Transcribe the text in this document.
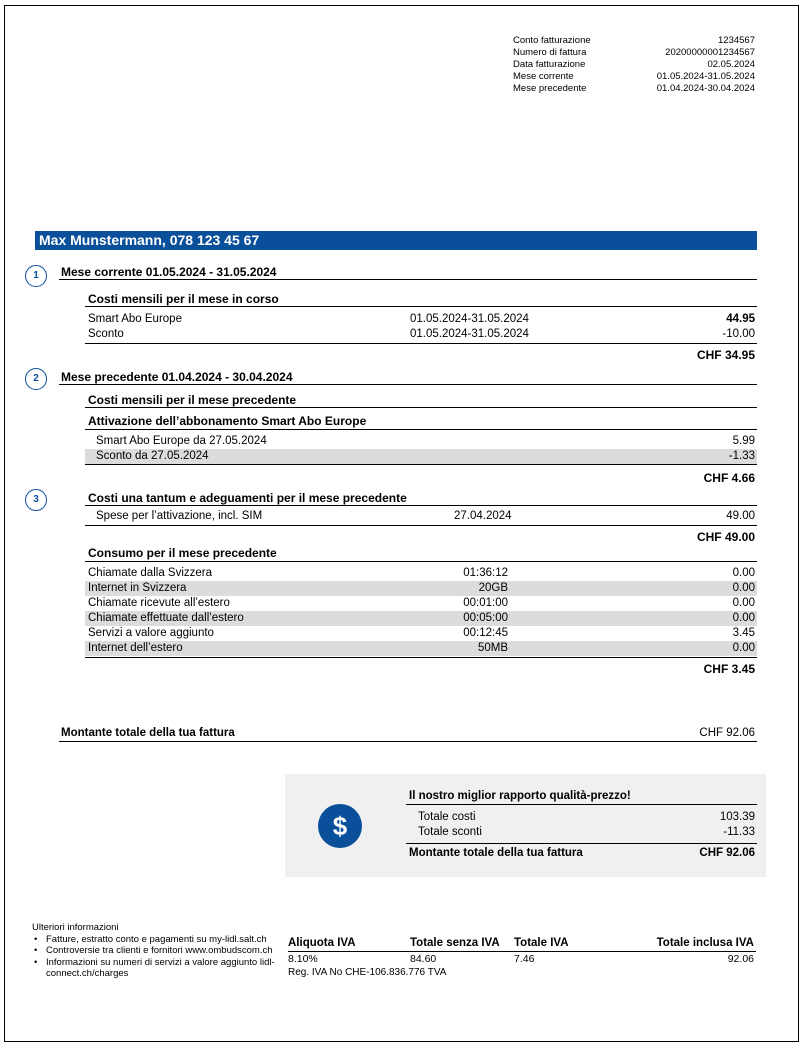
Conto fatturazione	1234567
Numero di fattura	20200000001234567
Data fatturazione	02.05.2024
Mese corrente	01.05.2024-31.05.2024
Mese precedente	01.04.2024-30.04.2024
Max Munstermann, 078 123 45 67
1	Mese corrente 01.05.2024 - 31.05.2024
Costi mensili per il mese in corso
Smart Abo Europe	01.05.2024-31.05.2024	44.95
Sconto	01.05.2024-31.05.2024	-10.00
CHF 34.95
2	Mese precedente 01.04.2024 - 30.04.2024
Costi mensili per il mese precedente
Attivazione dell’abbonamento Smart Abo Europe
Smart Abo Europe da 27.05.2024	5.99
Sconto da 27.05.2024	-1.33
CHF 4.66
3	Costi una tantum e adeguamenti per il mese precedente
Spese per l’attivazione, incl. SIM	27.04.2024	49.00
CHF 49.00
Consumo per il mese precedente
Chiamate dalla Svizzera	01:36:12	0.00
Internet in Svizzera	20GB	0.00
Chiamate ricevute all’estero	00:01:00	0.00
Chiamate effettuate dall’estero	00:05:00	0.00
Servizi a valore aggiunto	00:12:45	3.45
Internet dell’estero	50MB	0.00
CHF 3.45
Montante totale della tua fattura	CHF 92.06
$
Il nostro miglior rapporto qualità-prezzo!
Totale costi	103.39
Totale sconti	-11.33
Montante totale della tua fattura	CHF 92.06
Ulteriori informazioni
• Fatture, estratto conto e pagamenti su my-lidl.salt.ch
• Controversie tra clienti e fornitori www.ombudscom.ch
• Informazioni su numeri di servizi a valore aggiunto lidl-connect.ch/charges
Aliquota IVA	Totale senza IVA	Totale IVA	Totale inclusa IVA
8.10%	84.60	7.46	92.06
Reg. IVA No CHE-106.836.776 TVA
